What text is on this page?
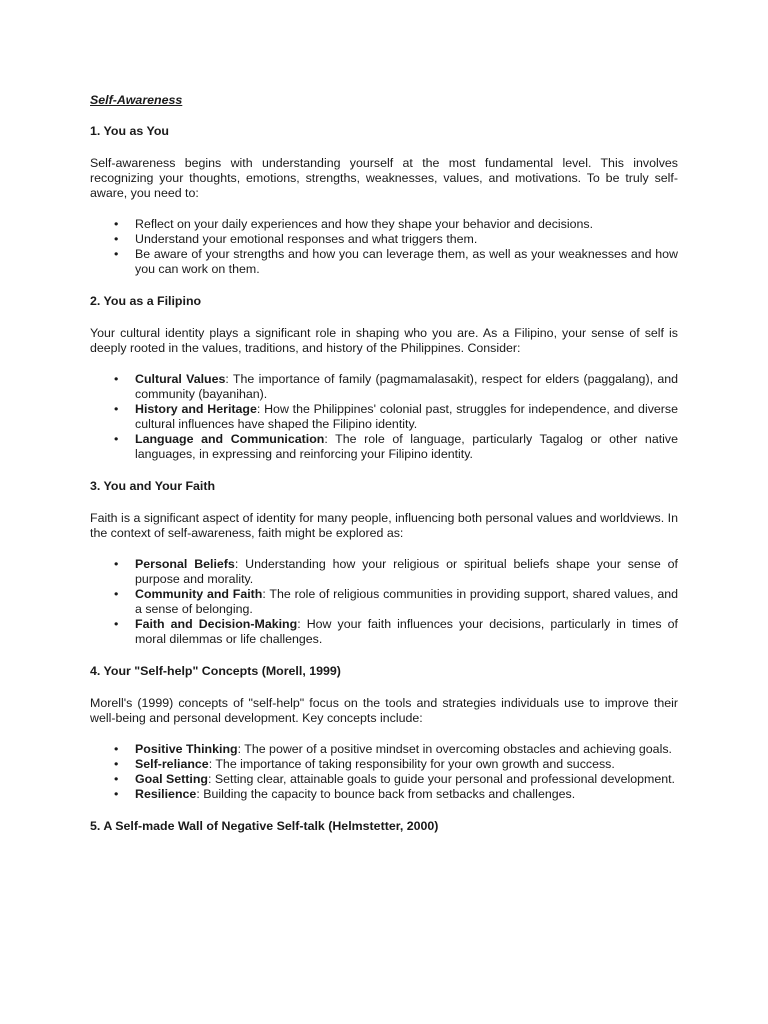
Self-Awareness
1. You as You
Self-awareness begins with understanding yourself at the most fundamental level. This involves recognizing your thoughts, emotions, strengths, weaknesses, values, and motivations. To be truly self-aware, you need to:
• Reflect on your daily experiences and how they shape your behavior and decisions.
• Understand your emotional responses and what triggers them.
• Be aware of your strengths and how you can leverage them, as well as your weaknesses and how you can work on them.
2. You as a Filipino
Your cultural identity plays a significant role in shaping who you are. As a Filipino, your sense of self is deeply rooted in the values, traditions, and history of the Philippines. Consider:
• Cultural Values: The importance of family (pagmamalasakit), respect for elders (paggalang), and community (bayanihan).
• History and Heritage: How the Philippines' colonial past, struggles for independence, and diverse cultural influences have shaped the Filipino identity.
• Language and Communication: The role of language, particularly Tagalog or other native languages, in expressing and reinforcing your Filipino identity.
3. You and Your Faith
Faith is a significant aspect of identity for many people, influencing both personal values and worldviews. In the context of self-awareness, faith might be explored as:
• Personal Beliefs: Understanding how your religious or spiritual beliefs shape your sense of purpose and morality.
• Community and Faith: The role of religious communities in providing support, shared values, and a sense of belonging.
• Faith and Decision-Making: How your faith influences your decisions, particularly in times of moral dilemmas or life challenges.
4. Your "Self-help" Concepts (Morell, 1999)
Morell's (1999) concepts of "self-help" focus on the tools and strategies individuals use to improve their well-being and personal development. Key concepts include:
• Positive Thinking: The power of a positive mindset in overcoming obstacles and achieving goals.
• Self-reliance: The importance of taking responsibility for your own growth and success.
• Goal Setting: Setting clear, attainable goals to guide your personal and professional development.
• Resilience: Building the capacity to bounce back from setbacks and challenges.
5. A Self-made Wall of Negative Self-talk (Helmstetter, 2000)
